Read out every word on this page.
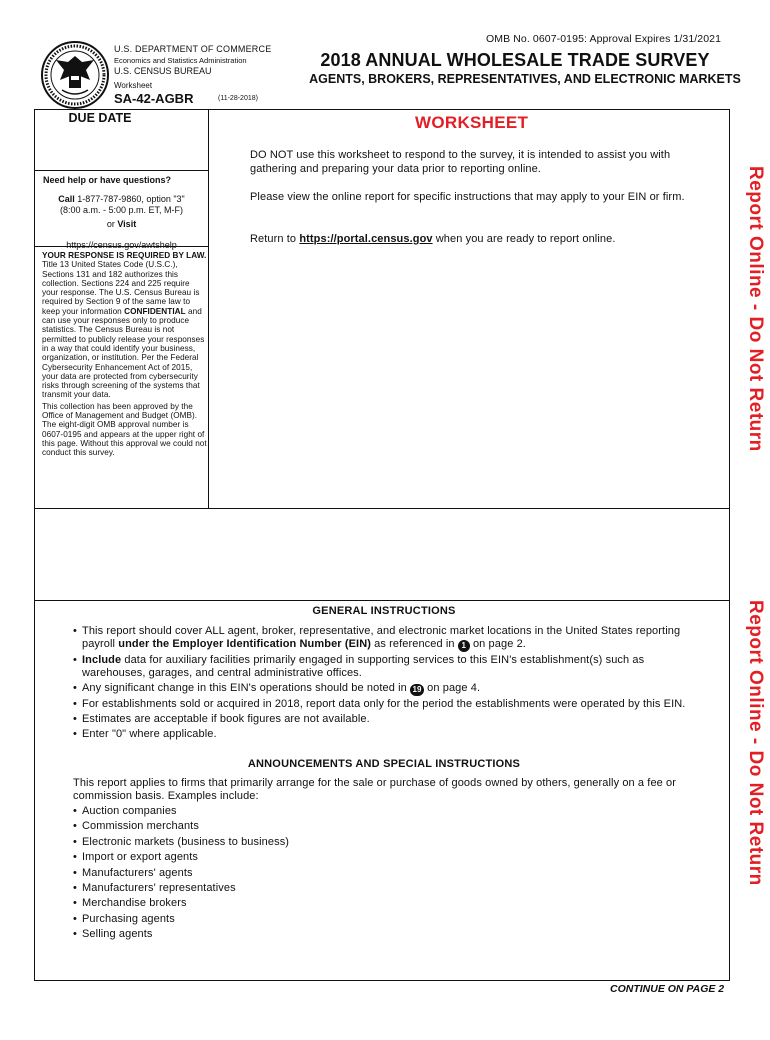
OMB No. 0607-0195: Approval Expires 1/31/2021
U.S. DEPARTMENT OF COMMERCE
Economics and Statistics Administration
U.S. CENSUS BUREAU
Worksheet
SA-42-AGBR	(11-28-2018)
2018 ANNUAL WHOLESALE TRADE SURVEY
AGENTS, BROKERS, REPRESENTATIVES, AND ELECTRONIC MARKETS
DUE DATE
Need help or have questions?
Call 1-877-787-9860, option "3"
(8:00 a.m. - 5:00 p.m. ET, M-F)
or Visit
https://census.gov/awtshelp
YOUR RESPONSE IS REQUIRED BY LAW. Title 13 United States Code (U.S.C.), Sections 131 and 182 authorizes this collection. Sections 224 and 225 require your response. The U.S. Census Bureau is required by Section 9 of the same law to keep your information CONFIDENTIAL and can use your responses only to produce statistics. The Census Bureau is not permitted to publicly release your responses in a way that could identify your business, organization, or institution. Per the Federal Cybersecurity Enhancement Act of 2015, your data are protected from cybersecurity risks through screening of the systems that transmit your data.
This collection has been approved by the Office of Management and Budget (OMB). The eight-digit OMB approval number is 0607-0195 and appears at the upper right of this page. Without this approval we could not conduct this survey.
WORKSHEET
DO NOT use this worksheet to respond to the survey, it is intended to assist you with gathering and preparing your data prior to reporting online.
Please view the online report for specific instructions that may apply to your EIN or firm.
Return to https://portal.census.gov when you are ready to report online.	Report Online - Do Not Return
Report Online - Do Not Return
GENERAL INSTRUCTIONS
• This report should cover ALL agent, broker, representative, and electronic market locations in the United States reporting payroll under the Employer Identification Number (EIN) as referenced in 1 on page 2.
• Include data for auxiliary facilities primarily engaged in supporting services to this EIN's establishment(s) such as warehouses, garages, and central administrative offices.
• Any significant change in this EIN's operations should be noted in 19 on page 4.
• For establishments sold or acquired in 2018, report data only for the period the establishments were operated by this EIN.
• Estimates are acceptable if book figures are not available.
• Enter "0" where applicable.
ANNOUNCEMENTS AND SPECIAL INSTRUCTIONS
This report applies to firms that primarily arrange for the sale or purchase of goods owned by others, generally on a fee or commission basis. Examples include:
• Auction companies
• Commission merchants
• Electronic markets (business to business)
• Import or export agents
• Manufacturers' agents
• Manufacturers' representatives
• Merchandise brokers
• Purchasing agents
• Selling agents
CONTINUE ON PAGE 2
